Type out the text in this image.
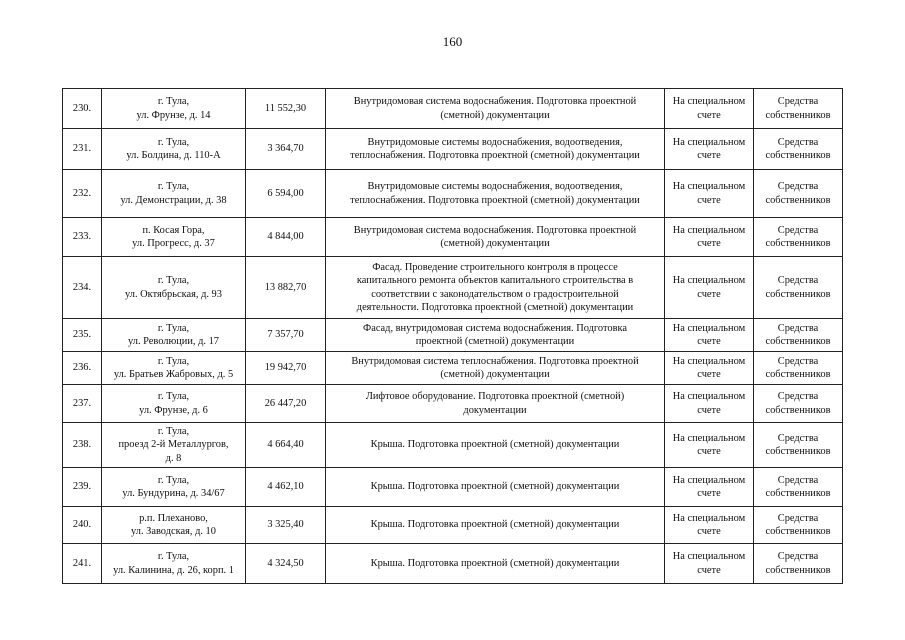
160
230.	г. Тула,
ул. Фрунзе, д. 14	11 552,30	Внутридомовая система водоснабжения. Подготовка проектной
(сметной) документации	На специальном
счете	Средства
собственников

231.	г. Тула,
ул. Болдина, д. 110-А	3 364,70	Внутридомовые системы водоснабжения, водоотведения,
теплоснабжения. Подготовка проектной (сметной) документации	На специальном
счете	Средства
собственников

232.	г. Тула,
ул. Демонстрации, д. 38	6 594,00	Внутридомовые системы водоснабжения, водоотведения,
теплоснабжения. Подготовка проектной (сметной) документации	На специальном
счете	Средства
собственников

233.	п. Косая Гора,
ул. Прогресс, д. 37	4 844,00	Внутридомовая система водоснабжения. Подготовка проектной
(сметной) документации	На специальном
счете	Средства
собственников

234.	г. Тула,
ул. Октябрьская, д. 93	13 882,70	Фасад. Проведение строительного контроля в процессе
капитального ремонта объектов капитального строительства в
соответствии с законодательством о градостроительной
деятельности. Подготовка проектной (сметной) документации	На специальном
счете	Средства
собственников

235.	г. Тула,
ул. Революции, д. 17	7 357,70	Фасад, внутридомовая система водоснабжения. Подготовка
проектной (сметной) документации	На специальном
счете	Средства
собственников

236.	г. Тула,
ул. Братьев Жабровых, д. 5	19 942,70	Внутридомовая система теплоснабжения. Подготовка проектной
(сметной) документации	На специальном
счете	Средства
собственников

237.	г. Тула,
ул. Фрунзе, д. 6	26 447,20	Лифтовое оборудование. Подготовка проектной (сметной)
документации	На специальном
счете	Средства
собственников

238.	г. Тула,
проезд 2-й Металлургов,
д. 8	4 664,40	Крыша. Подготовка проектной (сметной) документации	На специальном
счете	Средства
собственников

239.	г. Тула,
ул. Бундурина, д. 34/67	4 462,10	Крыша. Подготовка проектной (сметной) документации	На специальном
счете	Средства
собственников

240.	р.п. Плеханово,
ул. Заводская, д. 10	3 325,40	Крыша. Подготовка проектной (сметной) документации	На специальном
счете	Средства
собственников

241.	г. Тула,
ул. Калинина, д. 26, корп. 1	4 324,50	Крыша. Подготовка проектной (сметной) документации	На специальном
счете	Средства
собственников
